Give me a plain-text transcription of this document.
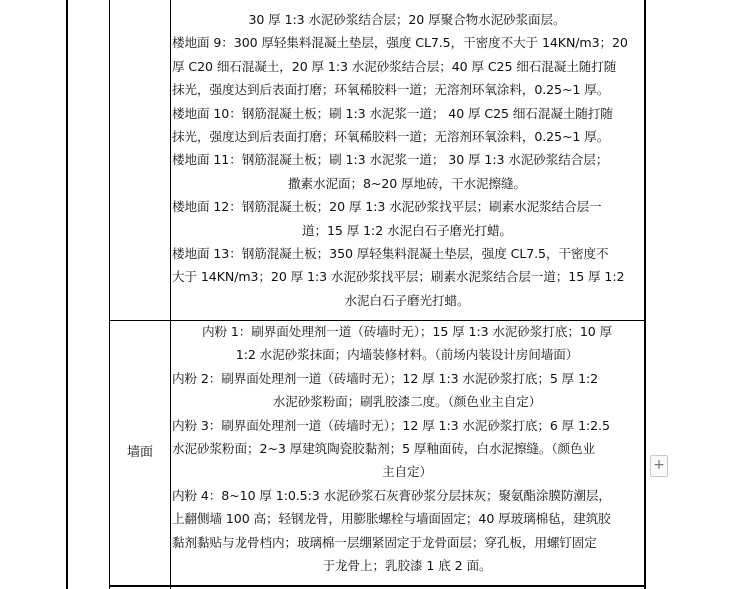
30 厚 1:3 水泥砂浆结合层；20 厚聚合物水泥砂浆面层。
楼地面 9：300 厚轻集料混凝土垫层，强度 CL7.5，干密度不大于 14KN/m3；20
厚 C20 细石混凝土，20 厚 1:3 水泥砂浆结合层；40 厚 C25 细石混凝土随打随
抹光，强度达到后表面打磨；环氧稀胶料一道；无溶剂环氧涂料，0.25~1 厚。
楼地面 10：钢筋混凝土板；刷 1:3 水泥浆一道； 40 厚 C25 细石混凝土随打随
抹光，强度达到后表面打磨；环氧稀胶料一道；无溶剂环氧涂料，0.25~1 厚。
楼地面 11：钢筋混凝土板；刷 1:3 水泥浆一道； 30 厚 1:3 水泥砂浆结合层；
撒素水泥面；8~20 厚地砖，干水泥擦缝。
楼地面 12：钢筋混凝土板；20 厚 1:3 水泥砂浆找平层；刷素水泥浆结合层一
道；15 厚 1:2 水泥白石子磨光打蜡。
楼地面 13：钢筋混凝土板；350 厚轻集料混凝土垫层，强度 CL7.5，干密度不
大于 14KN/m3；20 厚 1:3 水泥砂浆找平层；刷素水泥浆结合层一道；15 厚 1:2
水泥白石子磨光打蜡。
墙面
内粉 1：刷界面处理剂一道（砖墙时无）；15 厚 1:3 水泥砂浆打底；10 厚
1:2 水泥砂浆抹面；内墙装修材料。（前场内装设计房间墙面）
内粉 2：刷界面处理剂一道（砖墙时无）；12 厚 1:3 水泥砂浆打底；5 厚 1:2
水泥砂浆粉面；刷乳胶漆二度。（颜色业主自定）
内粉 3：刷界面处理剂一道（砖墙时无）；12 厚 1:3 水泥砂浆打底；6 厚 1:2.5
水泥砂浆粉面；2~3 厚建筑陶瓷胶黏剂；5 厚釉面砖，白水泥擦缝。（颜色业
主自定）
内粉 4：8~10 厚 1:0.5:3 水泥砂浆石灰膏砂浆分层抹灰；聚氨酯涂膜防潮层，
上翻侧墙 100 高；轻钢龙骨，用膨胀螺栓与墙面固定；40 厚玻璃棉毡，建筑胶
黏剂黏贴与龙骨档内；玻璃棉一层绷紧固定于龙骨面层；穿孔板，用螺钉固定
于龙骨上；乳胶漆 1 底 2 面。
+
